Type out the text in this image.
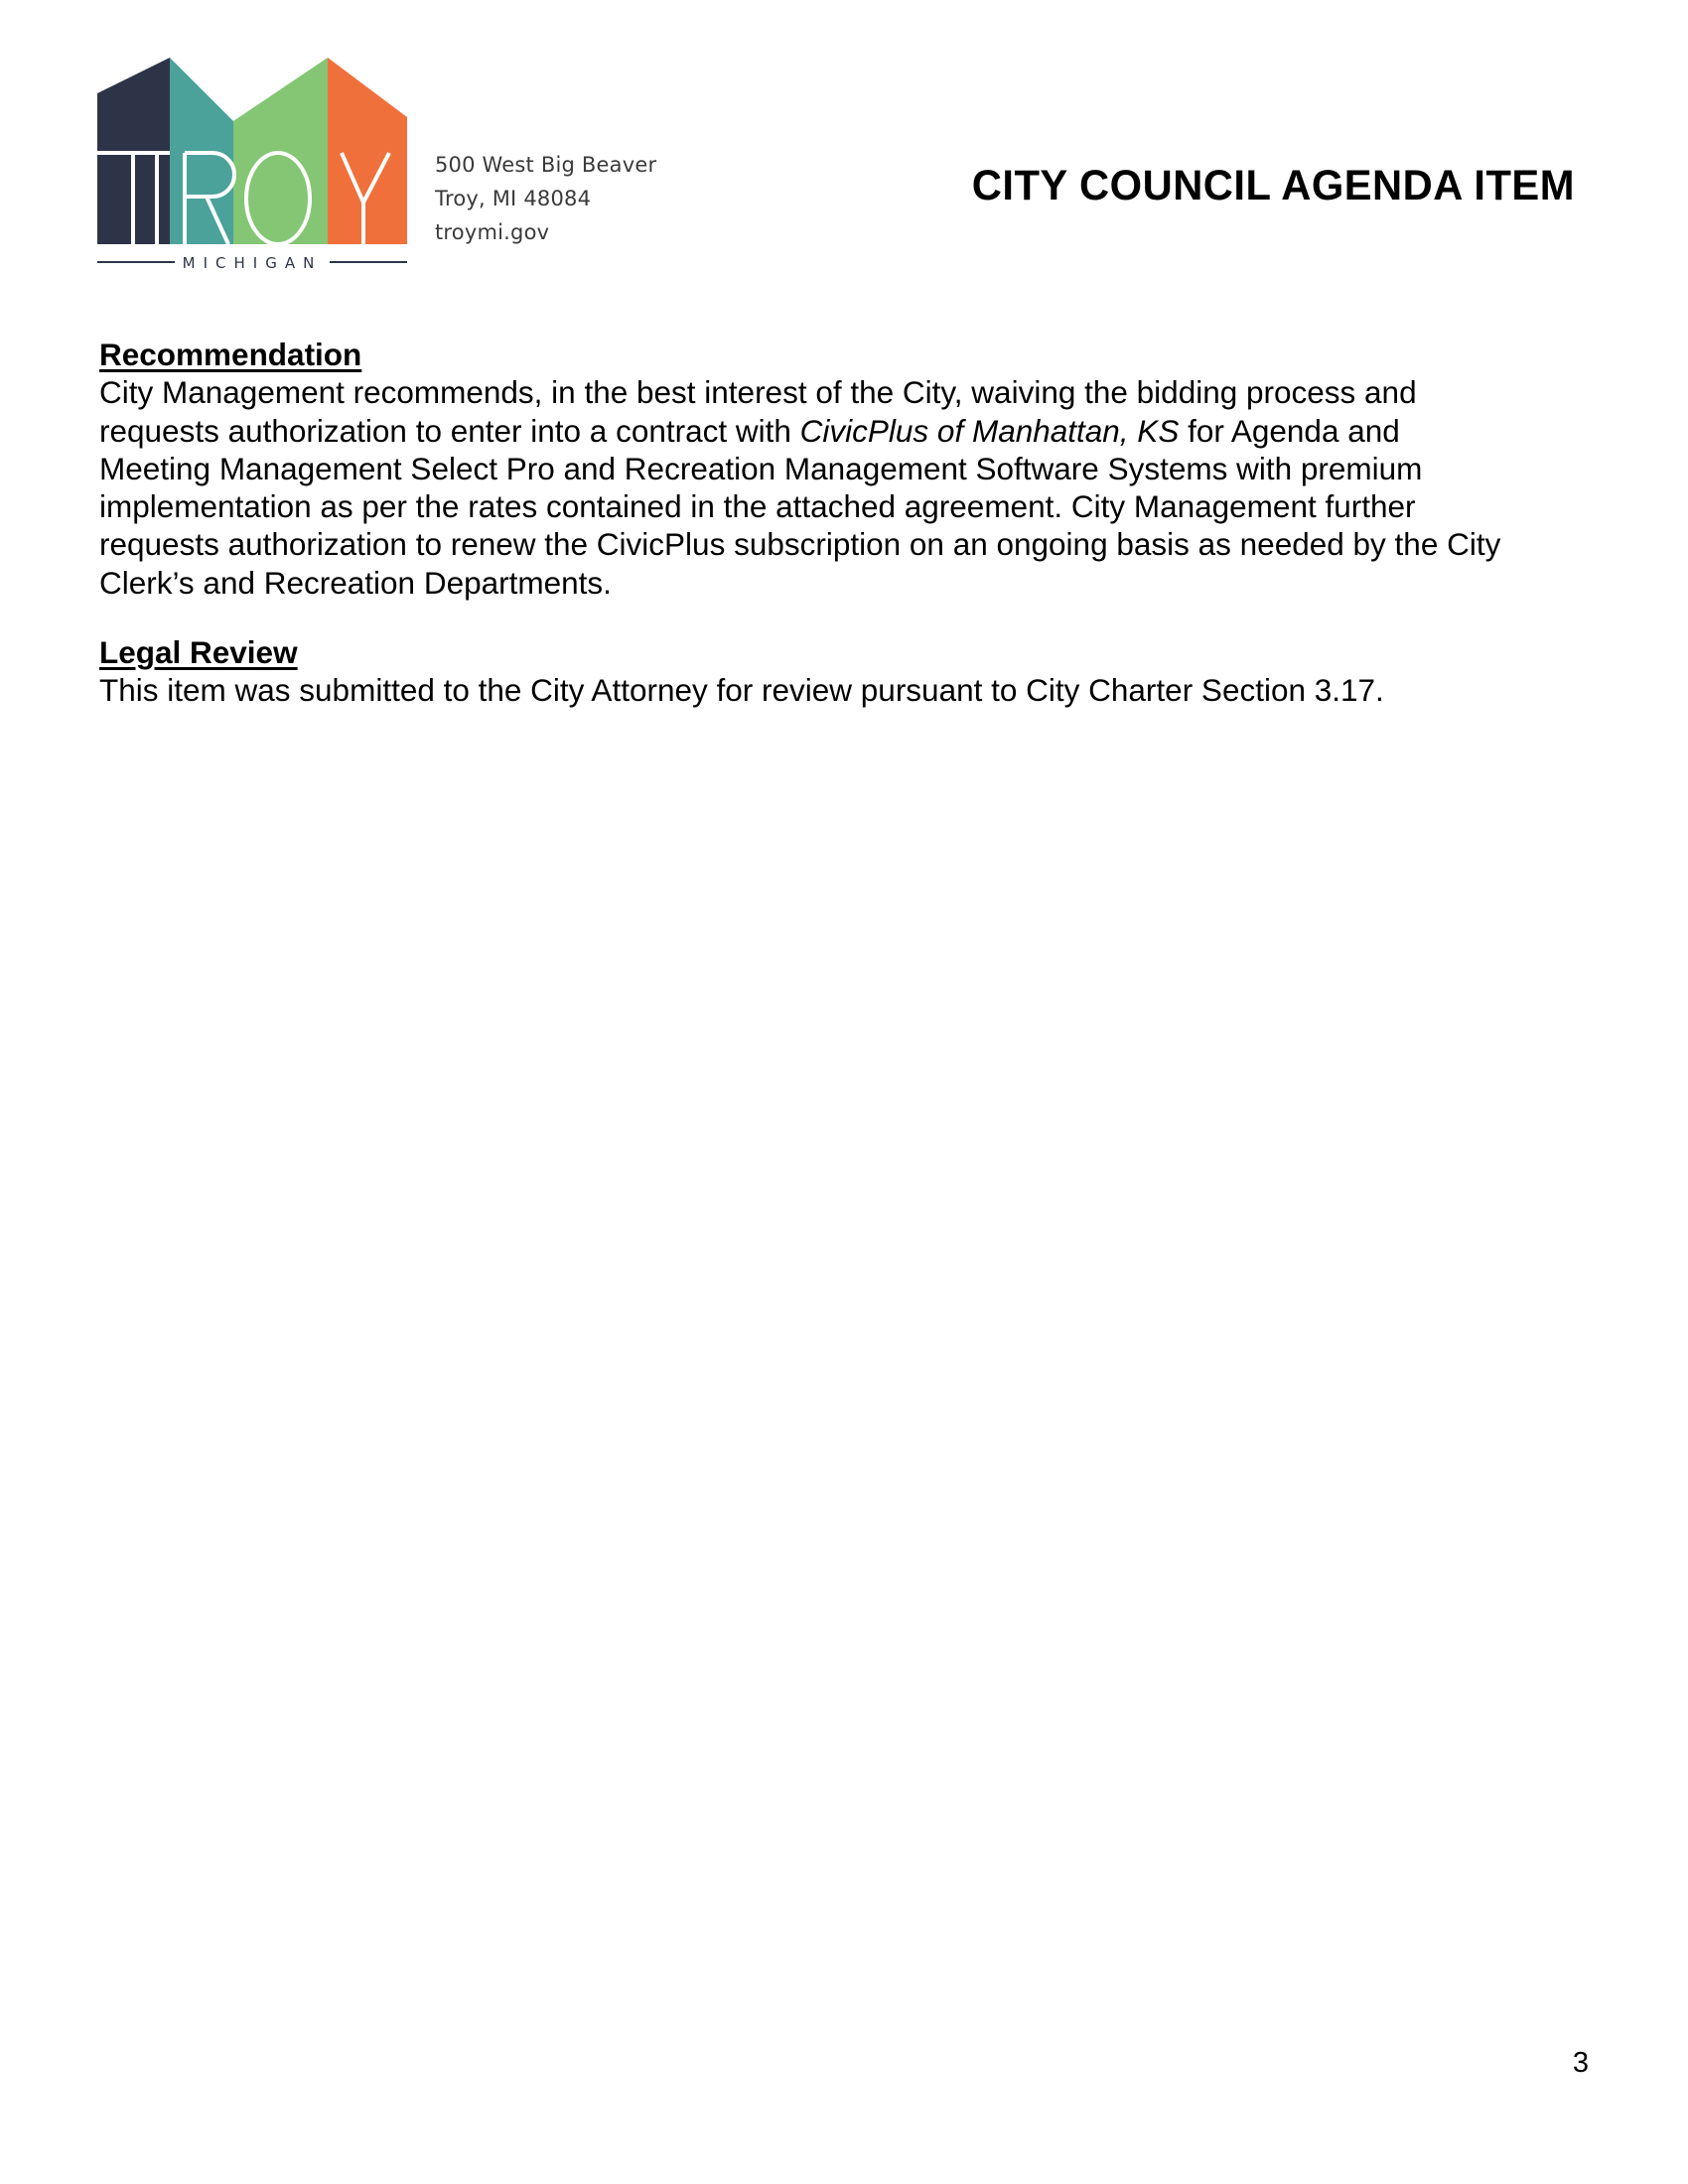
MICHIGAN
500 West Big Beaver
Troy, MI 48084
troymi.gov
CITY COUNCIL AGENDA ITEM
Recommendation

City Management recommends, in the best interest of the City, waiving the bidding process and
requests authorization to enter into a contract with CivicPlus of Manhattan, KS for Agenda and
Meeting Management Select Pro and Recreation Management Software Systems with premium
implementation as per the rates contained in the attached agreement. City Management further
requests authorization to renew the CivicPlus subscription on an ongoing basis as needed by the City
Clerk’s and Recreation Departments.

Legal Review

This item was submitted to the City Attorney for review pursuant to City Charter Section 3.17.

3
